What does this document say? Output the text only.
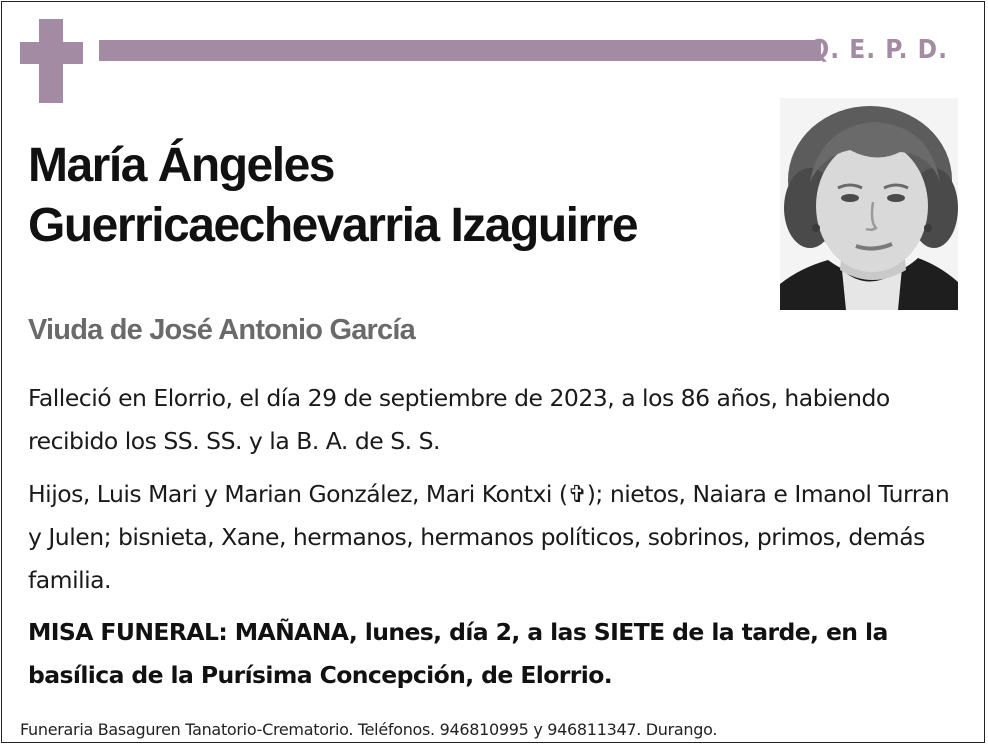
Q. E. P. D.
María Ángeles
Guerricaechevarria Izaguirre
Viuda de José Antonio García

Falleció en Elorrio, el día 29 de septiembre de 2023, a los 86 años, habiendo recibido los SS. SS. y la B. A. de S. S.

Hijos, Luis Mari y Marian González, Mari Kontxi (✞); nietos, Naiara e Imanol Turran y Julen; bisnieta, Xane, hermanos, hermanos políticos, sobrinos, primos, demás familia.

MISA FUNERAL: MAÑANA, lunes, día 2, a las SIETE de la tarde, en la basílica de la Purísima Concepción, de Elorrio.

Funeraria Basaguren Tanatorio-Crematorio. Teléfonos. 946810995 y 946811347. Durango.
